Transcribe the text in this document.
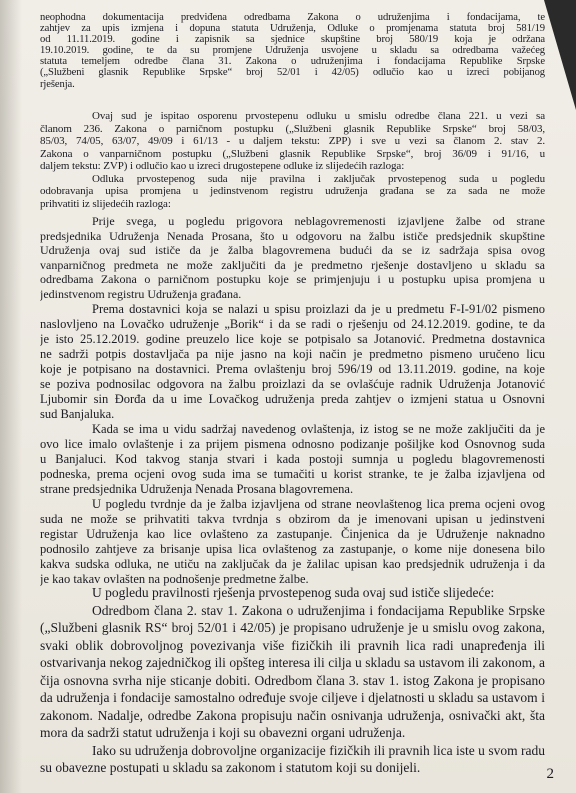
neophodna dokumentacija predviđena odredbama Zakona o udruženjima i fondacijama, te
zahtjev za upis izmjena i dopuna statuta Udruženja, Odluke o promjenama statuta broj 581/19
od 11.11.2019. godine i zapisnik sa sjednice skupštine broj 580/19 koja je održana
19.10.2019. godine, te da su promjene Udruženja usvojene u skladu sa odredbama važećeg
statuta temeljem odredbe člana 31. Zakona o udruženjima i fondacijama Republike Srpske
(„Službeni glasnik Republike Srpske“ broj 52/01 i 42/05) odlučio kao u izreci pobijanog
rješenja.
Ovaj sud je ispitao osporenu prvostepenu odluku u smislu odredbe člana 221. u vezi sa
članom 236. Zakona o parničnom postupku („Službeni glasnik Republike Srpske“ broj 58/03,
85/03, 74/05, 63/07, 49/09 i 61/13 - u daljem tekstu: ZPP) i sve u vezi sa članom 2. stav 2.
Zakona o vanparničnom postupku („Službeni glasnik Republike Srpske“, broj 36/09 i 91/16, u
daljem tekstu: ZVP) i odlučio kao u izreci drugostepene odluke iz slijedećih razloga:
Odluka prvostepenog suda nije pravilna i zaključak prvostepenog suda u pogledu
odobravanja upisa promjena u jedinstvenom registru udruženja građana se za sada ne može
prihvatiti iz slijedećih razloga:
Prije svega, u pogledu prigovora neblagovremenosti izjavljene žalbe od strane
predsjednika Udruženja Nenada Prosana, što u odgovoru na žalbu ističe predsjednik skupštine
Udruženja ovaj sud ističe da je žalba blagovremena budući da se iz sadržaja spisa ovog
vanparničnog predmeta ne može zaključiti da je predmetno rješenje dostavljeno u skladu sa
odredbama Zakona o parničnom postupku koje se primjenjuju i u postupku upisa promjena u
jedinstvenom registru Udruženja građana.
Prema dostavnici koja se nalazi u spisu proizlazi da je u predmetu F-I-91/02 pismeno
naslovljeno na Lovačko udruženje „Borik“ i da se radi o rješenju od 24.12.2019. godine, te da
je isto 25.12.2019. godine preuzelo lice koje se potpisalo sa Jotanović. Predmetna dostavnica
ne sadrži potpis dostavljača pa nije jasno na koji način je predmetno pismeno uručeno licu
koje je potpisano na dostavnici. Prema ovlaštenju broj 596/19 od 13.11.2019. godine, na koje
se poziva podnosilac odgovora na žalbu proizlazi da se ovlašćuje radnik Udruženja Jotanović
Ljubomir sin Đorđa da u ime Lovačkog udruženja preda zahtjev o izmjeni statua u Osnovni
sud Banjaluka.
Kada se ima u vidu sadržaj navedenog ovlaštenja, iz istog se ne može zaključiti da je
ovo lice imalo ovlaštenje i za prijem pismena odnosno podizanje pošiljke kod Osnovnog suda
u Banjaluci. Kod takvog stanja stvari i kada postoji sumnja u pogledu blagovremenosti
podneska, prema ocjeni ovog suda ima se tumačiti u korist stranke, te je žalba izjavljena od
strane predsjednika Udruženja Nenada Prosana blagovremena.
U pogledu tvrdnje da je žalba izjavljena od strane neovlaštenog lica prema ocjeni ovog
suda ne može se prihvatiti takva tvrdnja s obzirom da je imenovani upisan u jedinstveni
registar Udruženja kao lice ovlašteno za zastupanje. Činjenica da je Udruženje naknadno
podnosilo zahtjeve za brisanje upisa lica ovlaštenog za zastupanje, o kome nije donesena bilo
kakva sudska odluka, ne utiču na zaključak da je žalilac upisan kao predsjednik udruženja i da
je kao takav ovlašten na podnošenje predmetne žalbe.
U pogledu pravilnosti rješenja prvostepenog suda ovaj sud ističe slijedeće:
Odredbom člana 2. stav 1. Zakona o udruženjima i fondacijama Republike Srpske
(„Službeni glasnik RS“ broj 52/01 i 42/05) je propisano udruženje je u smislu ovog zakona,
svaki oblik dobrovoljnog povezivanja više fizičkih ili pravnih lica radi unapređenja ili
ostvarivanja nekog zajedničkog ili opšteg interesa ili cilja u skladu sa ustavom ili zakonom, a
čija osnovna svrha nije sticanje dobiti. Odredbom člana 3. stav 1. istog Zakona je propisano
da udruženja i fondacije samostalno određuje svoje ciljeve i djelatnosti u skladu sa ustavom i
zakonom. Nadalje, odredbe Zakona propisuju način osnivanja udruženja, osnivački akt, šta
mora da sadrži statut udruženja i koji su obavezni organi udruženja.
Iako su udruženja dobrovoljne organizacije fizičkih ili pravnih lica iste u svom radu
su obavezne postupati u skladu sa zakonom i statutom koji su donijeli.	2
